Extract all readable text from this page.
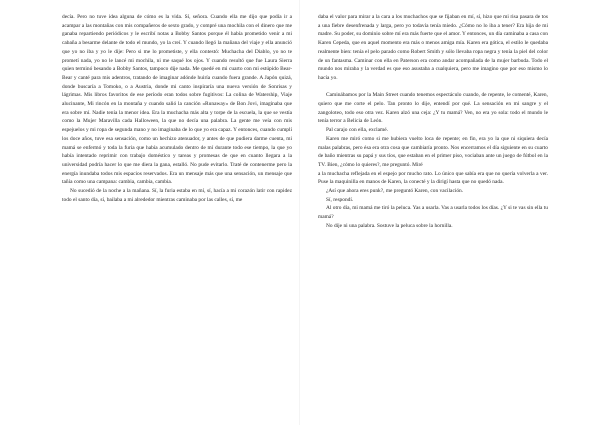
decía. Pero no tuve idea alguna de cómo es la vida. Sí, señora. Cuando ella me dijo que podía ir a acampar a las montañas con mis compañeros de sexto grado, y compré una mochila con el dinero que me ganaba repartiendo periódicos y le escribí notas a Bobby Santos porque él había prometido venir a mi cabaña a besarme delante de todo el mundo, yo la creí. Y cuando llegó la mañana del viaje y ella anunció que yo no iba y yo le dije: Pero si me lo prometiste, y ella contestó: Muchacha del Diablo, yo no te prometí nada, yo no le lancé mi mochila, ni me saqué los ojos. Y cuando resultó que fue Laura Sierra quien terminó besando a Bobby Santos, tampoco dije nada. Me quedé en mi cuarto con mi estúpido Bear-Bear y canté para mis adentros, tratando de imaginar adónde huiría cuando fuera grande. A Japón quizá, donde buscaría a Tomoko, o a Austria, donde mi canto inspiraría una nueva versión de Sonrisas y lágrimas. Mis libros favoritos de ese período eran todos sobre fugitivos: La colina de Watership, Viaje alucinante, Mi rincón en la montaña y cuando salió la canción «Runaway» de Bon Jovi, imaginaba que era sobre mí. Nadie tenía la menor idea. Era la muchacha más alta y torpe de la escuela, la que se vestía como la Mujer Maravilla cada Halloween, la que no decía una palabra. La gente me veía con mis espejuelos y mi ropa de segunda mano y no imaginaba de lo que yo era capaz. Y entonces, cuando cumplí los doce años, tuve esa sensación, como un hechizo atenuador, y antes de que pudiera darme cuenta, mi mamá se enfermó y toda la furia que había acumulado dentro de mí durante todo ese tiempo, la que yo había intentado reprimir con trabajo doméstico y tareas y promesas de que en cuanto llegara a la universidad podría hacer lo que me diera la gana, estalló. No pude evitarlo. Traté de contenerme pero la energía inundaba todos mis espacios reservados. Era un mensaje más que una sensación, un mensaje que tañía como una campana: cambia, cambia, cambia.

No sucedió de la noche a la mañana. Sí, la furia estaba en mí, sí, hacía a mi corazón latir con rapidez todo el santo día, sí, bailaba a mi alrededor mientras caminaba por las calles, sí, me

daba el valor para mirar a la cara a los muchachos que se fijaban en mí, sí, hizo que mi risa pasara de tos a una fiebre desenfrenada y larga, pero yo todavía tenía miedo. ¿Cómo no lo iba a tener? Era hija de mi madre. Su poder, su dominio sobre mí era más fuerte que el amor. Y entonces, un día caminaba a casa con Karen Cepeda, que en aquel momento era más o menos amiga mía. Karen era gótica, el estilo le quedaba realmente bien: tenía el pelo parado como Robert Smith y sólo llevaba ropa negra y tenía la piel del color de un fantasma. Caminar con ella en Paterson era como andar acompañada de la mujer barbuda. Todo el mundo nos miraba y la verdad es que eso asustaba a cualquiera, pero me imagino que por eso mismo lo hacía yo.

Caminábamos por la Main Street cuando tenemos espectáculo cuando, de repente, le comenté, Karen, quiero que me corte el pelo. Tan pronto lo dije, entendí por qué. La sensación en mi sangre y el zangoloteo, todo eso otra vez. Karen alzó una ceja: ¿Y tu mamá? Ven, no era yo sola: todo el mundo le tenía terror a Belicia de León.

Pal carajo con ella, exclamé.

Karen me miró como si me hubiera vuelto loca de repente; en fin, era yo la que ni siquiera decía malas palabras, pero ésa era otra cosa que cambiaría pronto. Nos encerramos el día siguiente en su cuarto de baño mientras su papá y sus tíos, que estaban en el primer piso, vociaban ante un juego de fútbol en la TV. Bien, ¿cómo lo quieres?, me preguntó. Miré

a la muchacha reflejada en el espejo por mucho rato. Lo único que sabía era que no quería volverla a ver. Puse la maquinilla en manos de Karen, la conecté y la dirigí hasta que no quedó nada.

¿Así que ahora eres punk?, me preguntó Karen, con vacilación.

Sí, respondí.

Al otro día, mi mamá me tiró la peluca. Yas a usarla. Vas a usarla todos los días. ¿Y si te vas sin ella tu mamá?

No dije ni una palabra. Sostuve la peluca sobre la hornilla.
